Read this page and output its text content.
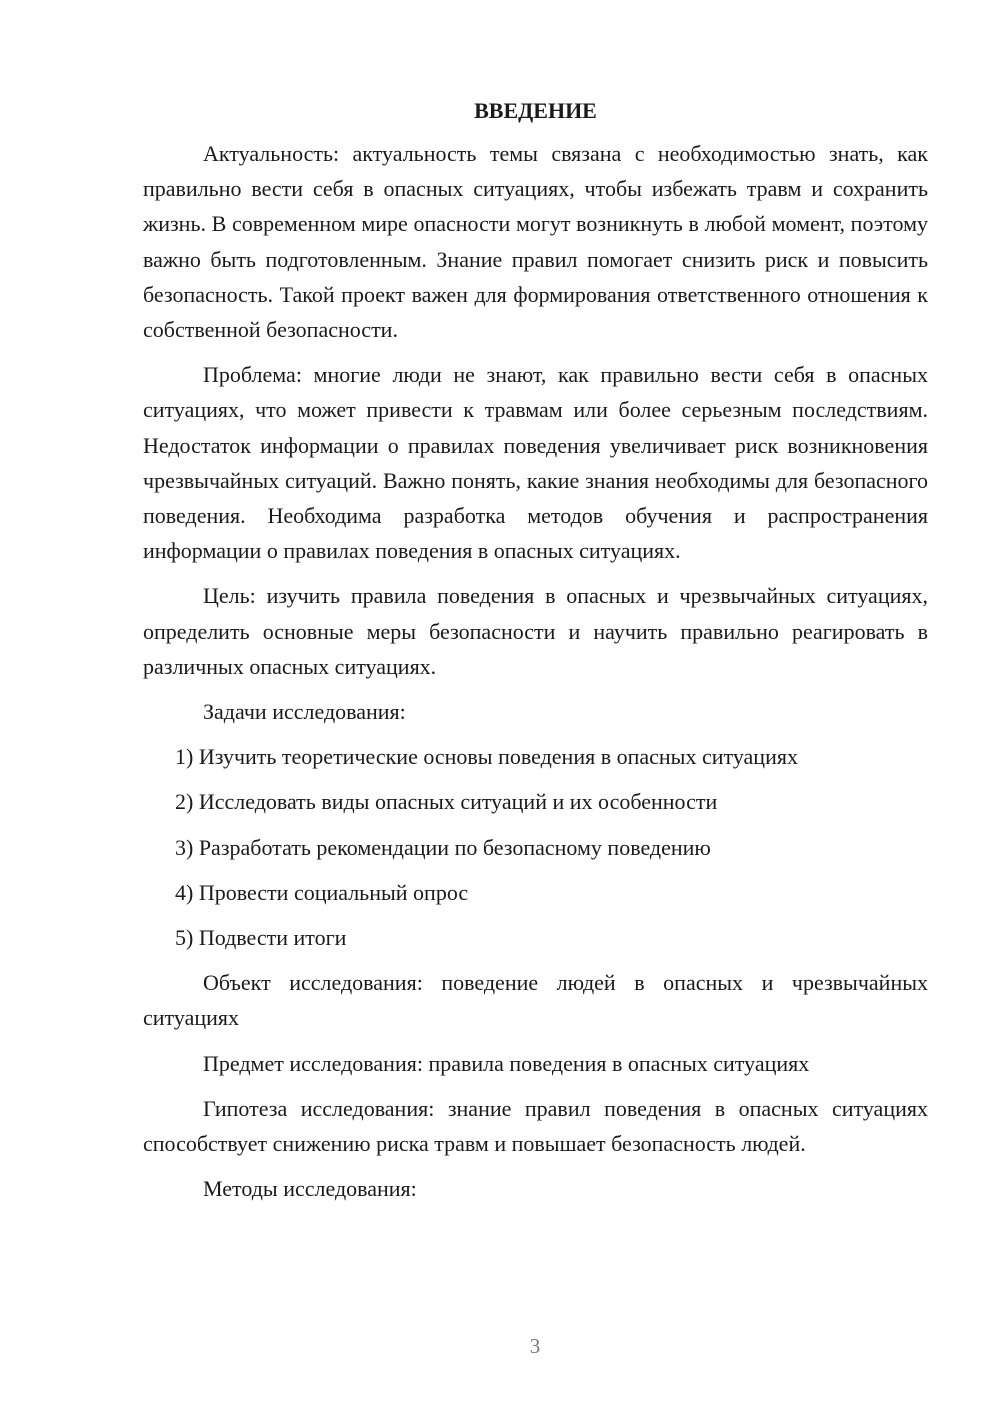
ВВЕДЕНИЕ

Актуальность: актуальность темы связана с необходимостью знать, как правильно вести себя в опасных ситуациях, чтобы избежать травм и сохранить жизнь. В современном мире опасности могут возникнуть в любой момент, поэтому важно быть подготовленным. Знание правил помогает снизить риск и повысить безопасность. Такой проект важен для формирования ответственного отношения к собственной безопасности.

Проблема: многие люди не знают, как правильно вести себя в опасных ситуациях, что может привести к травмам или более серьезным последствиям. Недостаток информации о правилах поведения увеличивает риск возникновения чрезвычайных ситуаций. Важно понять, какие знания необходимы для безопасного поведения. Необходима разработка методов обучения и распространения информации о правилах поведения в опасных ситуациях.

Цель: изучить правила поведения в опасных и чрезвычайных ситуациях, определить основные меры безопасности и научить правильно реагировать в различных опасных ситуациях.

Задачи исследования:

1) Изучить теоретические основы поведения в опасных ситуациях
2) Исследовать виды опасных ситуаций и их особенности
3) Разработать рекомендации по безопасному поведению
4) Провести социальный опрос
5) Подвести итоги

Объект исследования: поведение людей в опасных и чрезвычайных ситуациях

Предмет исследования: правила поведения в опасных ситуациях

Гипотеза исследования: знание правил поведения в опасных ситуациях способствует снижению риска травм и повышает безопасность людей.

Методы исследования:

3
